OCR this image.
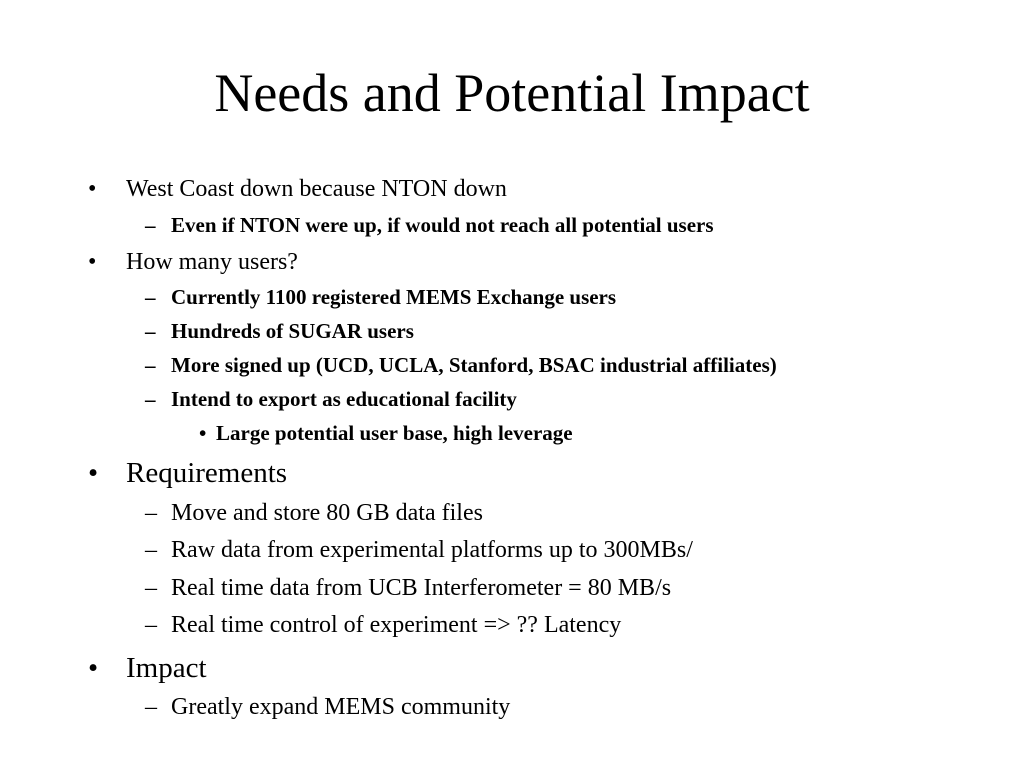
Needs and Potential Impact
• West Coast down because NTON down
– Even if NTON were up, if would not reach all potential users
• How many users?
– Currently 1100 registered MEMS Exchange users
– Hundreds of SUGAR users
– More signed up (UCD, UCLA, Stanford, BSAC industrial affiliates)
– Intend to export as educational facility
• Large potential user base, high leverage
• Requirements
– Move and store 80 GB data files
– Raw data from experimental platforms up to 300MBs/
– Real time data from UCB Interferometer = 80 MB/s
– Real time control of experiment => ?? Latency
• Impact
– Greatly expand MEMS community
